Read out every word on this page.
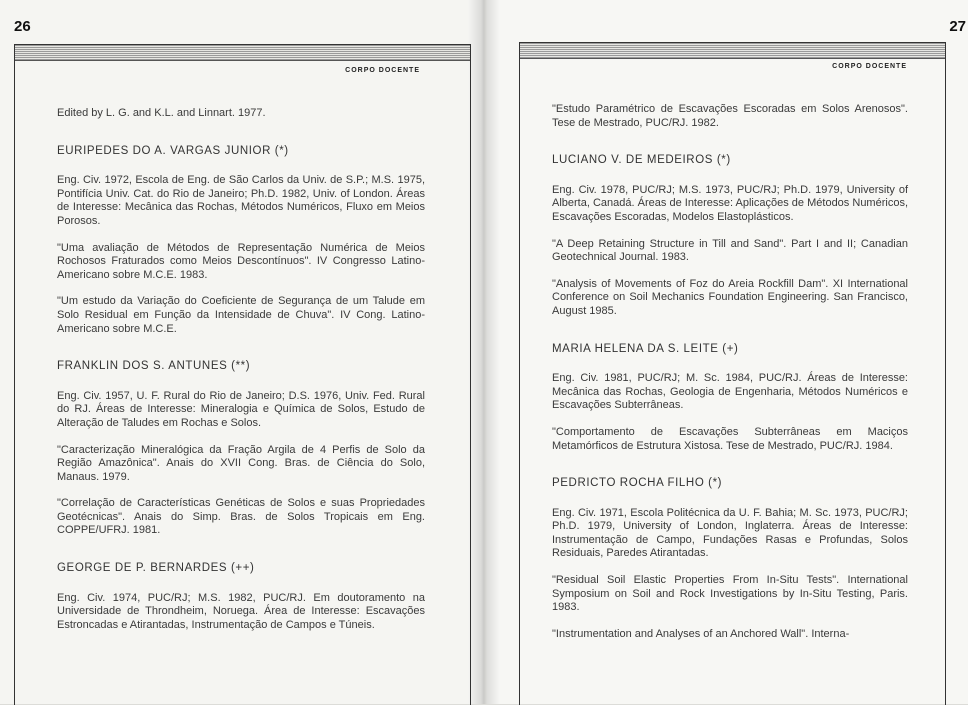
26
CORPO DOCENTE

Edited by L. G. and K.L. and Linnart. 1977.

EURIPEDES DO A. VARGAS JUNIOR (*)

Eng. Civ. 1972, Escola de Eng. de São Carlos da Univ. de S.P.; M.S. 1975, Pontifícia Univ. Cat. do Rio de Janeiro; Ph.D. 1982, Univ. of London. Áreas de Interesse: Mecânica das Rochas, Métodos Numéricos, Fluxo em Meios Porosos.

"Uma avaliação de Métodos de Representação Numérica de Meios Rochosos Fraturados como Meios Descontínuos". IV Congresso Latino-Americano sobre M.C.E. 1983.

"Um estudo da Variação do Coeficiente de Segurança de um Talude em Solo Residual em Função da Intensidade de Chuva". IV Cong. Latino-Americano sobre M.C.E.

FRANKLIN DOS S. ANTUNES (**)

Eng. Civ. 1957, U. F. Rural do Rio de Janeiro; D.S. 1976, Univ. Fed. Rural do RJ. Áreas de Interesse: Mineralogia e Química de Solos, Estudo de Alteração de Taludes em Rochas e Solos.

"Caracterização Mineralógica da Fração Argila de 4 Perfis de Solo da Região Amazônica". Anais do XVII Cong. Bras. de Ciência do Solo, Manaus. 1979.

"Correlação de Características Genéticas de Solos e suas Propriedades Geotécnicas". Anais do Simp. Bras. de Solos Tropicais em Eng. COPPE/UFRJ. 1981.

GEORGE DE P. BERNARDES (++)

Eng. Civ. 1974, PUC/RJ; M.S. 1982, PUC/RJ. Em doutoramento na Universidade de Throndheim, Noruega. Área de Interesse: Escavações Estroncadas e Atirantadas, Instrumentação de Campos e Túneis.

27
CORPO DOCENTE

"Estudo Paramétrico de Escavações Escoradas em Solos Arenosos". Tese de Mestrado, PUC/RJ. 1982.

LUCIANO V. DE MEDEIROS (*)

Eng. Civ. 1978, PUC/RJ; M.S. 1973, PUC/RJ; Ph.D. 1979, University of Alberta, Canadá. Áreas de Interesse: Aplicações de Métodos Numéricos, Escavações Escoradas, Modelos Elastoplásticos.

"A Deep Retaining Structure in Till and Sand". Part I and II; Canadian Geotechnical Journal. 1983.

"Analysis of Movements of Foz do Areia Rockfill Dam". XI International Conference on Soil Mechanics Foundation Engineering. San Francisco, August 1985.

MARIA HELENA DA S. LEITE (+)

Eng. Civ. 1981, PUC/RJ; M. Sc. 1984, PUC/RJ. Áreas de Interesse: Mecânica das Rochas, Geologia de Engenharia, Métodos Numéricos e Escavações Subterrâneas.

"Comportamento de Escavações Subterrâneas em Maciços Metamórficos de Estrutura Xistosa. Tese de Mestrado, PUC/RJ. 1984.

PEDRICTO ROCHA FILHO (*)

Eng. Civ. 1971, Escola Politécnica da U. F. Bahia; M. Sc. 1973, PUC/RJ; Ph.D. 1979, University of London, Inglaterra. Áreas de Interesse: Instrumentação de Campo, Fundações Rasas e Profundas, Solos Residuais, Paredes Atirantadas.

"Residual Soil Elastic Properties From In-Situ Tests". International Symposium on Soil and Rock Investigations by In-Situ Testing, Paris. 1983.

"Instrumentation and Analyses of an Anchored Wall". Interna-
